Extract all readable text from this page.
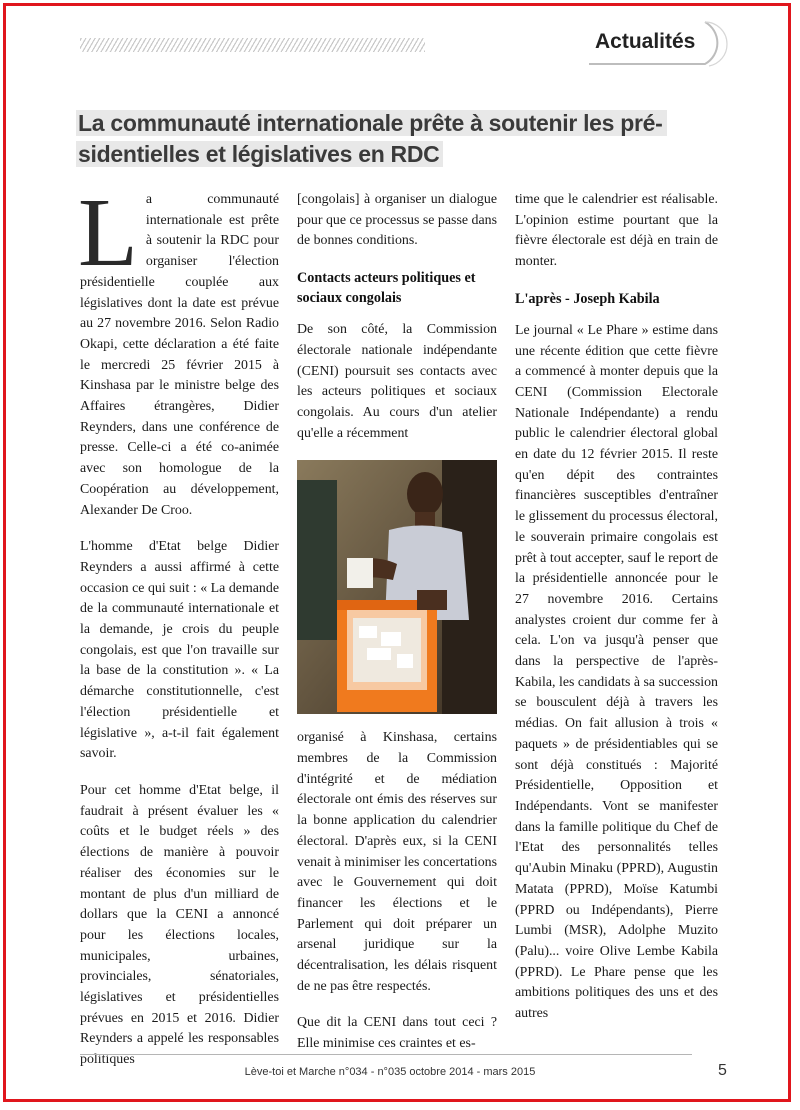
Actualités
La communauté internationale prête à soutenir les pré-sidentielles et législatives en RDC

La communauté internationale est prête à soutenir la RDC pour organiser l'élection présidentielle couplée aux législatives dont la date est prévue au 27 novembre 2016. Selon Radio Okapi, cette déclaration a été faite le mercredi 25 février 2015 à Kinshasa par le ministre belge des Affaires étrangères, Didier Reynders, dans une conférence de presse. Celle-ci a été co-animée avec son homologue de la Coopération au développement, Alexander De Croo.

L'homme d'Etat belge Didier Reynders a aussi affirmé à cette occasion ce qui suit : « La demande de la communauté internationale et la demande, je crois du peuple congolais, est que l'on travaille sur la base de la constitution ». « La démarche constitutionnelle, c'est l'élection présidentielle et législative », a-t-il fait également savoir.

Pour cet homme d'Etat belge, il faudrait à présent évaluer les « coûts et le budget réels » des élections de manière à pouvoir réaliser des économies sur le montant de plus d'un milliard de dollars que la CENI a annoncé pour les élections locales, municipales, urbaines, provinciales, sénatoriales, législatives et présidentielles prévues en 2015 et 2016. Didier Reynders a appelé les responsables politiques

[congolais] à organiser un dialogue pour que ce processus se passe dans de bonnes conditions.

Contacts acteurs politiques et sociaux congolais

De son côté, la Commission électorale nationale indépendante (CENI) poursuit ses contacts avec les acteurs politiques et sociaux congolais. Au cours d'un atelier qu'elle a récemment

organisé à Kinshasa, certains membres de la Commission d'intégrité et de médiation électorale ont émis des réserves sur la bonne application du calendrier électoral. D'après eux, si la CENI venait à minimiser les concertations avec le Gouvernement qui doit financer les élections et le Parlement qui doit préparer un arsenal juridique sur la décentralisation, les délais risquent de ne pas être respectés.

Que dit la CENI dans tout ceci ? Elle minimise ces craintes et es-

time que le calendrier est réalisable. L'opinion estime pourtant que la fièvre électorale est déjà en train de monter.

L'après - Joseph Kabila

Le journal « Le Phare » estime dans une récente édition que cette fièvre a commencé à monter depuis que la CENI (Commission Electorale Nationale Indépendante) a rendu public le calendrier électoral global en date du 12 février 2015. Il reste qu'en dépit des contraintes financières susceptibles d'entraîner le glissement du processus électoral, le souverain primaire congolais est prêt à tout accepter, sauf le report de la présidentielle annoncée pour le 27 novembre 2016. Certains analystes croient dur comme fer à cela. L'on va jusqu'à penser que dans la perspective de l'après-Kabila, les candidats à sa succession se bousculent déjà à travers les médias. On fait allusion à trois « paquets » de présidentiables qui se sont déjà constitués : Majorité Présidentielle, Opposition et Indépendants. Vont se manifester dans la famille politique du Chef de l'Etat des personnalités telles qu'Aubin Minaku (PPRD), Augustin Matata (PPRD), Moïse Katumbi (PPRD ou Indépendants), Pierre Lumbi (MSR), Adolphe Muzito (Palu)... voire Olive Lembe Kabila (PPRD). Le Phare pense que les ambitions politiques des uns et des autres

Lève-toi et Marche n°034 - n°035 octobre 2014 - mars 2015	5
